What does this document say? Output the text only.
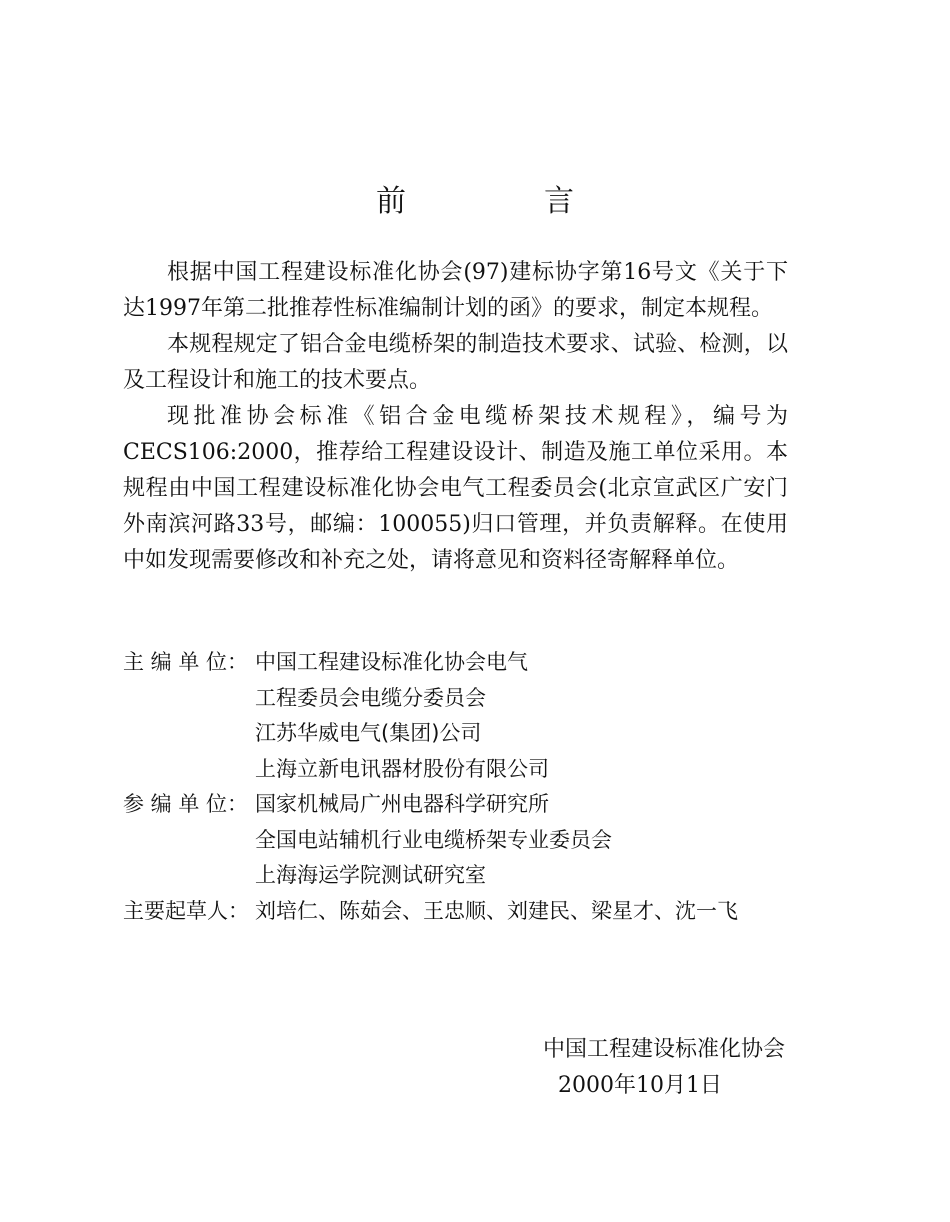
前　言

根据中国工程建设标准化协会(97)建标协字第16号文《关于下达1997年第二批推荐性标准编制计划的函》的要求，制定本规程。

本规程规定了铝合金电缆桥架的制造技术要求、试验、检测，以及工程设计和施工的技术要点。

现批准协会标准《铝合金电缆桥架技术规程》，编号为CECS106:2000，推荐给工程建设设计、制造及施工单位采用。本规程由中国工程建设标准化协会电气工程委员会(北京宣武区广安门外南滨河路33号，邮编：100055)归口管理，并负责解释。在使用中如发现需要修改和补充之处，请将意见和资料径寄解释单位。

主 编 单 位： 中国工程建设标准化协会电气
工程委员会电缆分委员会
江苏华威电气(集团)公司
上海立新电讯器材股份有限公司
参 编 单 位： 国家机械局广州电器科学研究所
全国电站辅机行业电缆桥架专业委员会
上海海运学院测试研究室
主要起草人： 刘培仁、陈茹会、王忠顺、刘建民、梁星才、沈一飞
中国工程建设标准化协会
2000年10月1日
